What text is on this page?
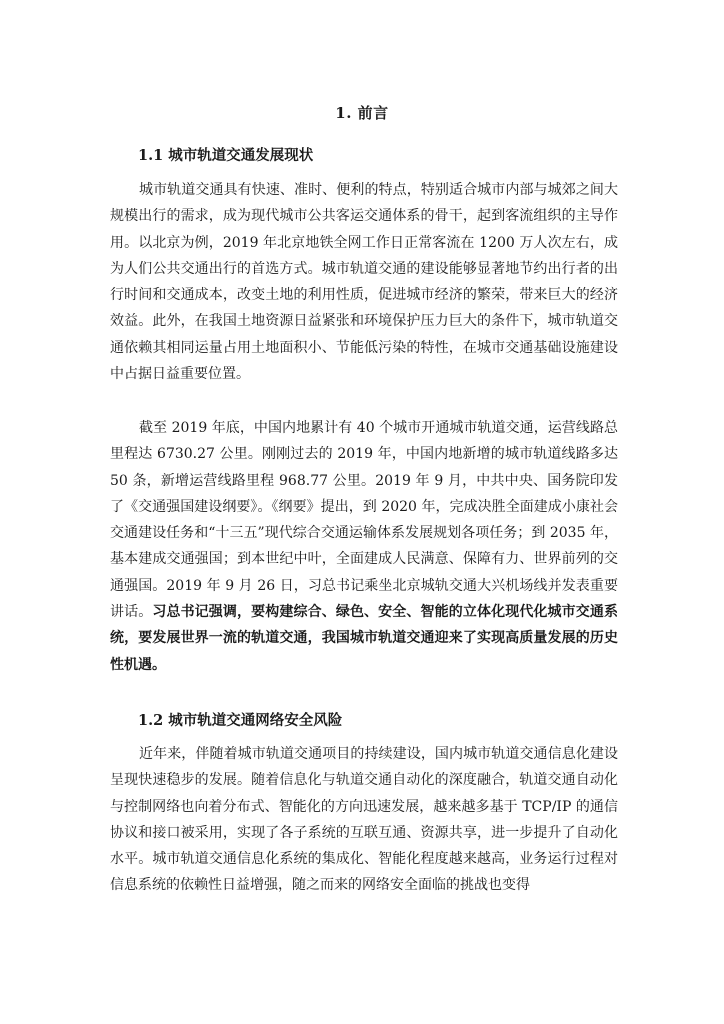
1. 前言
1.1 城市轨道交通发展现状

城市轨道交通具有快速、准时、便利的特点，特别适合城市内部与城郊之间大规模出行的需求，成为现代城市公共客运交通体系的骨干，起到客流组织的主导作用。以北京为例，2019 年北京地铁全网工作日正常客流在 1200 万人次左右，成为人们公共交通出行的首选方式。城市轨道交通的建设能够显著地节约出行者的出行时间和交通成本，改变土地的利用性质，促进城市经济的繁荣，带来巨大的经济效益。此外，在我国土地资源日益紧张和环境保护压力巨大的条件下，城市轨道交通依赖其相同运量占用土地面积小、节能低污染的特性，在城市交通基础设施建设中占据日益重要位置。

截至 2019 年底，中国内地累计有 40 个城市开通城市轨道交通，运营线路总里程达 6730.27 公里。刚刚过去的 2019 年，中国内地新增的城市轨道线路多达 50 条，新增运营线路里程 968.77 公里。2019 年 9 月，中共中央、国务院印发了《交通强国建设纲要》。《纲要》提出，到 2020 年，完成决胜全面建成小康社会交通建设任务和“十三五”现代综合交通运输体系发展规划各项任务；到 2035 年，基本建成交通强国；到本世纪中叶，全面建成人民满意、保障有力、世界前列的交通强国。2019 年 9 月 26 日，习总书记乘坐北京城轨交通大兴机场线并发表重要讲话。习总书记强调，要构建综合、绿色、安全、智能的立体化现代化城市交通系统，要发展世界一流的轨道交通，我国城市轨道交通迎来了实现高质量发展的历史性机遇。

1.2 城市轨道交通网络安全风险

近年来，伴随着城市轨道交通项目的持续建设，国内城市轨道交通信息化建设呈现快速稳步的发展。随着信息化与轨道交通自动化的深度融合，轨道交通自动化与控制网络也向着分布式、智能化的方向迅速发展，越来越多基于 TCP/IP 的通信协议和接口被采用，实现了各子系统的互联互通、资源共享，进一步提升了自动化水平。城市轨道交通信息化系统的集成化、智能化程度越来越高，业务运行过程对信息系统的依赖性日益增强，随之而来的网络安全面临的挑战也变得
